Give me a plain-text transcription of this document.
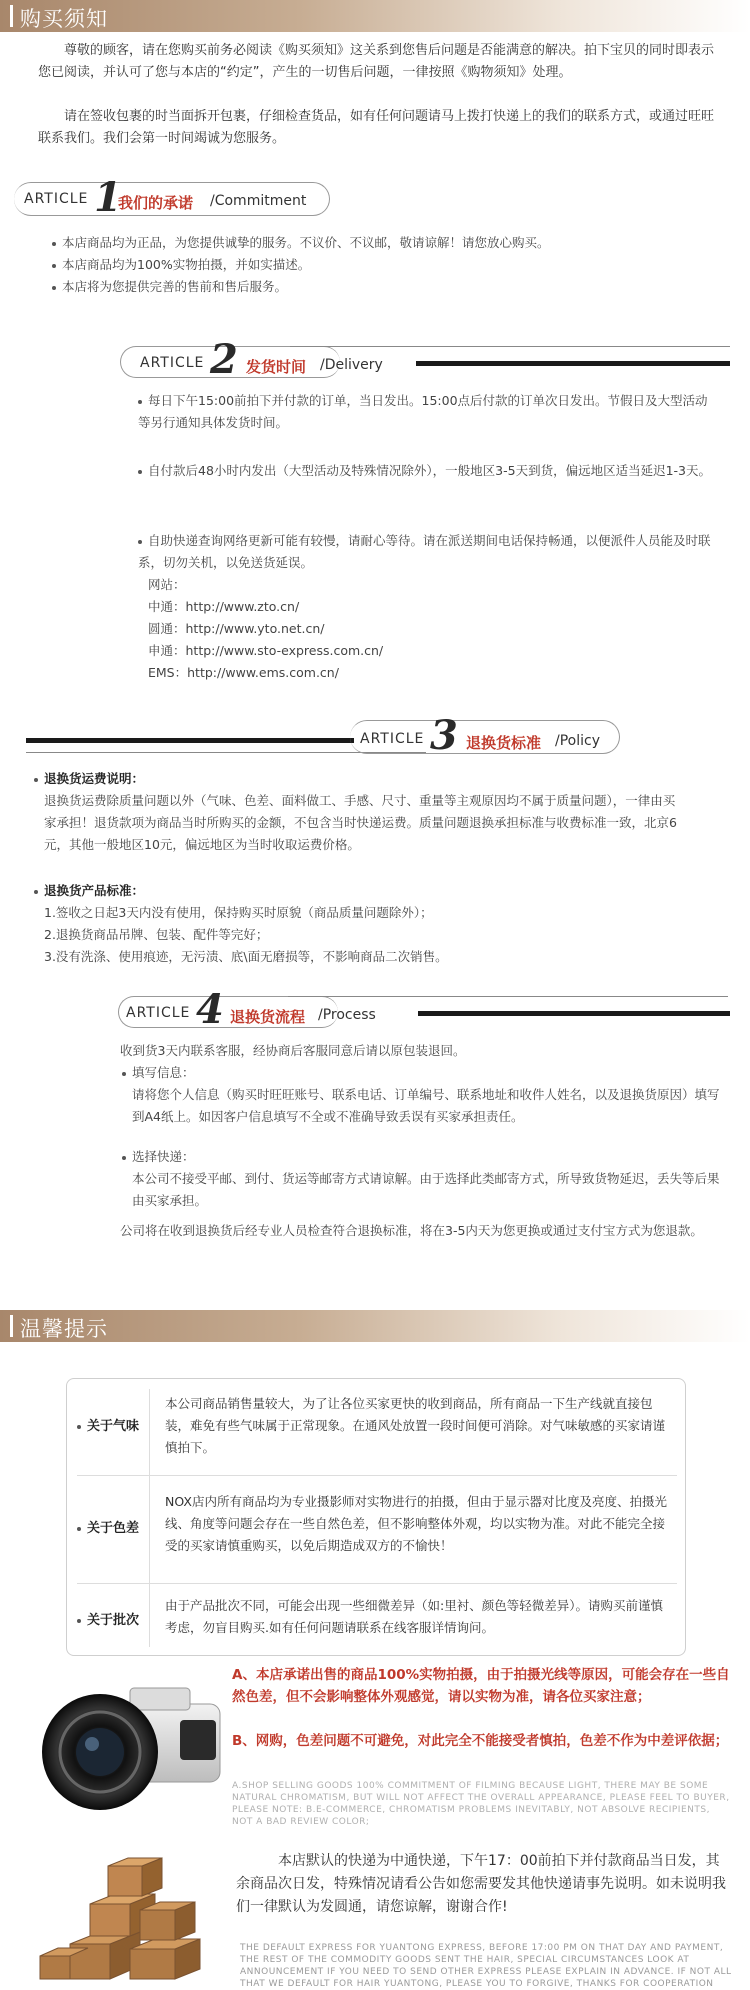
购买须知
尊敬的顾客，请在您购买前务必阅读《购买须知》这关系到您售后问题是否能满意的解决。拍下宝贝的同时即表示您已阅读，并认可了您与本店的“约定”，产生的一切售后问题，一律按照《购物须知》处理。
请在签收包裹的时当面拆开包裹，仔细检查货品，如有任何问题请马上拨打快递上的我们的联系方式，或通过旺旺联系我们。我们会第一时间竭诚为您服务。
ARTICLE 1
我们的承诺 /Commitment
本店商品均为正品，为您提供诚挚的服务。不议价、不议邮，敬请谅解！请您放心购买。
本店商品均为100%实物拍摄，并如实描述。
本店将为您提供完善的售前和售后服务。
ARTICLE 2 发货时间 /Delivery
每日下午15:00前拍下并付款的订单，当日发出。15:00点后付款的订单次日发出。节假日及大型活动等另行通知具体发货时间。
自付款后48小时内发出（大型活动及特殊情况除外），一般地区3-5天到货，偏远地区适当延迟1-3天。
自助快递查询网络更新可能有较慢，请耐心等待。请在派送期间电话保持畅通，以便派件人员能及时联系，切勿关机，以免送货延误。
网站：
中通：http://www.zto.cn/
圆通：http://www.yto.net.cn/
申通：http://www.sto-express.com.cn/
EMS：http://www.ems.com.cn/
ARTICLE 3 退换货标准 /Policy
退换货运费说明：
退换货运费除质量问题以外（气味、色差、面料做工、手感、尺寸、重量等主观原因均不属于质量问题），一律由买家承担！退货款项为商品当时所购买的金额，不包含当时快递运费。质量问题退换承担标准与收费标准一致，北京6元，其他一般地区10元，偏远地区为当时收取运费价格。
退换货产品标准：
1.签收之日起3天内没有使用，保持购买时原貌（商品质量问题除外）；
2.退换货商品吊牌、包装、配件等完好；
3.没有洗涤、使用痕迹，无污渍、底\面无磨损等，不影响商品二次销售。
ARTICLE 4 退换货流程 /Process
收到货3天内联系客服，经协商后客服同意后请以原包装退回。
填写信息：
请将您个人信息（购买时旺旺账号、联系电话、订单编号、联系地址和收件人姓名，以及退换货原因）填写到A4纸上。如因客户信息填写不全或不准确导致丢误有买家承担责任。
选择快递：
本公司不接受平邮、到付、货运等邮寄方式请谅解。由于选择此类邮寄方式，所导致货物延迟，丢失等后果由买家承担。
公司将在收到退换货后经专业人员检查符合退换标准，将在3-5内天为您更换或通过支付宝方式为您退款。
温馨提示
关于气味
本公司商品销售量较大，为了让各位买家更快的收到商品，所有商品一下生产线就直接包装，难免有些气味属于正常现象。在通风处放置一段时间便可消除。对气味敏感的买家请谨慎拍下。
关于色差
NOX店内所有商品均为专业摄影师对实物进行的拍摄，但由于显示器对比度及亮度、拍摄光线、角度等问题会存在一些自然色差，但不影响整体外观，均以实物为准。对此不能完全接受的买家请慎重购买，以免后期造成双方的不愉快！
关于批次
由于产品批次不同，可能会出现一些细微差异（如:里衬、颜色等轻微差异）。请购买前谨慎考虑，勿盲目购买.如有任何问题请联系在线客服详情询问。
A、本店承诺出售的商品100%实物拍摄，由于拍摄光线等原因，可能会存在一些自然色差，但不会影响整体外观感觉，请以实物为准，请各位买家注意；
B、网购，色差问题不可避免，对此完全不能接受者慎拍，色差不作为中差评依据；
A.SHOP SELLING GOODS 100% COMMITMENT OF FILMING BECAUSE LIGHT, THERE MAY BE SOME NATURAL CHROMATISM, BUT WILL NOT AFFECT THE OVERALL APPEARANCE, PLEASE FEEL TO BUYER, PLEASE NOTE: B.E-COMMERCE, CHROMATISM PROBLEMS INEVITABLY, NOT ABSOLVE RECIPIENTS, NOT A BAD REVIEW COLOR;
本店默认的快递为中通快递，下午17：00前拍下并付款商品当日发，其余商品次日发，特殊情况请看公告如您需要发其他快递请事先说明。如未说明我们一律默认为发圆通，请您谅解，谢谢合作!
THE DEFAULT EXPRESS FOR YUANTONG EXPRESS, BEFORE 17:00 PM ON THAT DAY AND PAYMENT, THE REST OF THE COMMODITY GOODS SENT THE HAIR, SPECIAL CIRCUMSTANCES LOOK AT ANNOUNCEMENT IF YOU NEED TO SEND OTHER EXPRESS PLEASE EXPLAIN IN ADVANCE. IF NOT ALL THAT WE DEFAULT FOR HAIR YUANTONG, PLEASE YOU TO FORGIVE, THANKS FOR COOPERATION
